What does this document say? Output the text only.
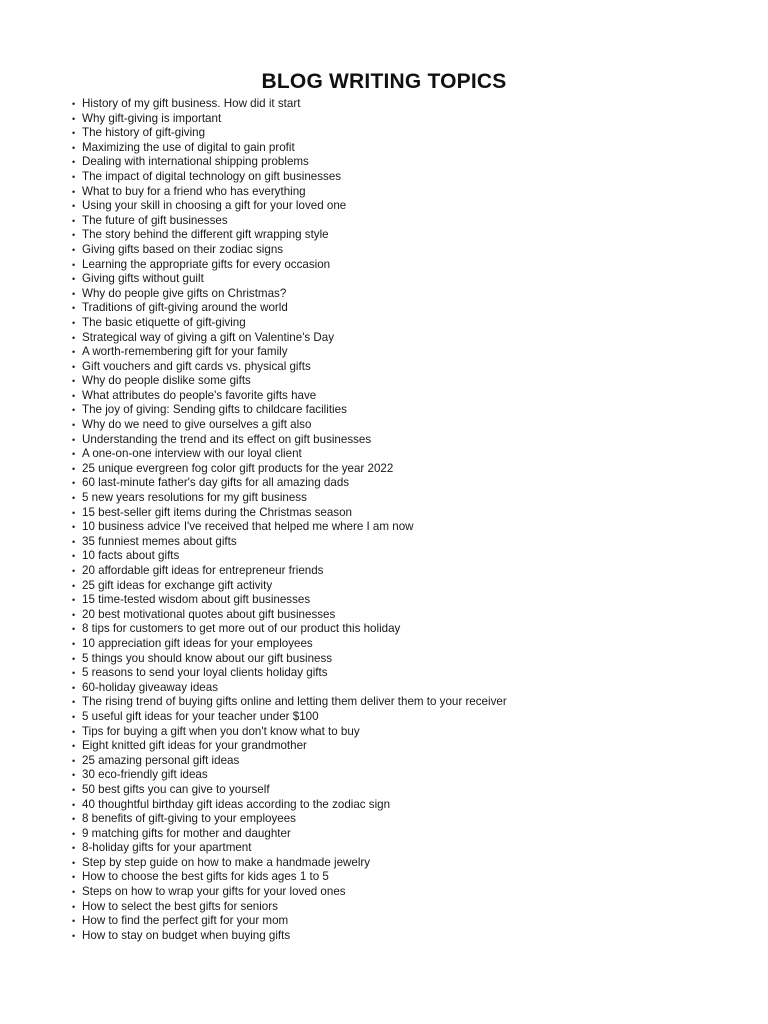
BLOG WRITING TOPICS
• History of my gift business. How did it start
• Why gift-giving is important
• The history of gift-giving
• Maximizing the use of digital to gain profit
• Dealing with international shipping problems
• The impact of digital technology on gift businesses
• What to buy for a friend who has everything
• Using your skill in choosing a gift for your loved one
• The future of gift businesses
• The story behind the different gift wrapping style
• Giving gifts based on their zodiac signs
• Learning the appropriate gifts for every occasion
• Giving gifts without guilt
• Why do people give gifts on Christmas?
• Traditions of gift-giving around the world
• The basic etiquette of gift-giving
• Strategical way of giving a gift on Valentine's Day
• A worth-remembering gift for your family
• Gift vouchers and gift cards vs. physical gifts
• Why do people dislike some gifts
• What attributes do people's favorite gifts have
• The joy of giving: Sending gifts to childcare facilities
• Why do we need to give ourselves a gift also
• Understanding the trend and its effect on gift businesses
• A one-on-one interview with our loyal client
• 25 unique evergreen fog color gift products for the year 2022
• 60 last-minute father's day gifts for all amazing dads
• 5 new years resolutions for my gift business
• 15 best-seller gift items during the Christmas season
• 10 business advice I've received that helped me where I am now
• 35 funniest memes about gifts
• 10 facts about gifts
• 20 affordable gift ideas for entrepreneur friends
• 25 gift ideas for exchange gift activity
• 15 time-tested wisdom about gift businesses
• 20 best motivational quotes about gift businesses
• 8 tips for customers to get more out of our product this holiday
• 10 appreciation gift ideas for your employees
• 5 things you should know about our gift business
• 5 reasons to send your loyal clients holiday gifts
• 60-holiday giveaway ideas
• The rising trend of buying gifts online and letting them deliver them to your receiver
• 5 useful gift ideas for your teacher under $100
• Tips for buying a gift when you don't know what to buy
• Eight knitted gift ideas for your grandmother
• 25 amazing personal gift ideas
• 30 eco-friendly gift ideas
• 50 best gifts you can give to yourself
• 40 thoughtful birthday gift ideas according to the zodiac sign
• 8 benefits of gift-giving to your employees
• 9 matching gifts for mother and daughter
• 8-holiday gifts for your apartment
• Step by step guide on how to make a handmade jewelry
• How to choose the best gifts for kids ages 1 to 5
• Steps on how to wrap your gifts for your loved ones
• How to select the best gifts for seniors
• How to find the perfect gift for your mom
• How to stay on budget when buying gifts
